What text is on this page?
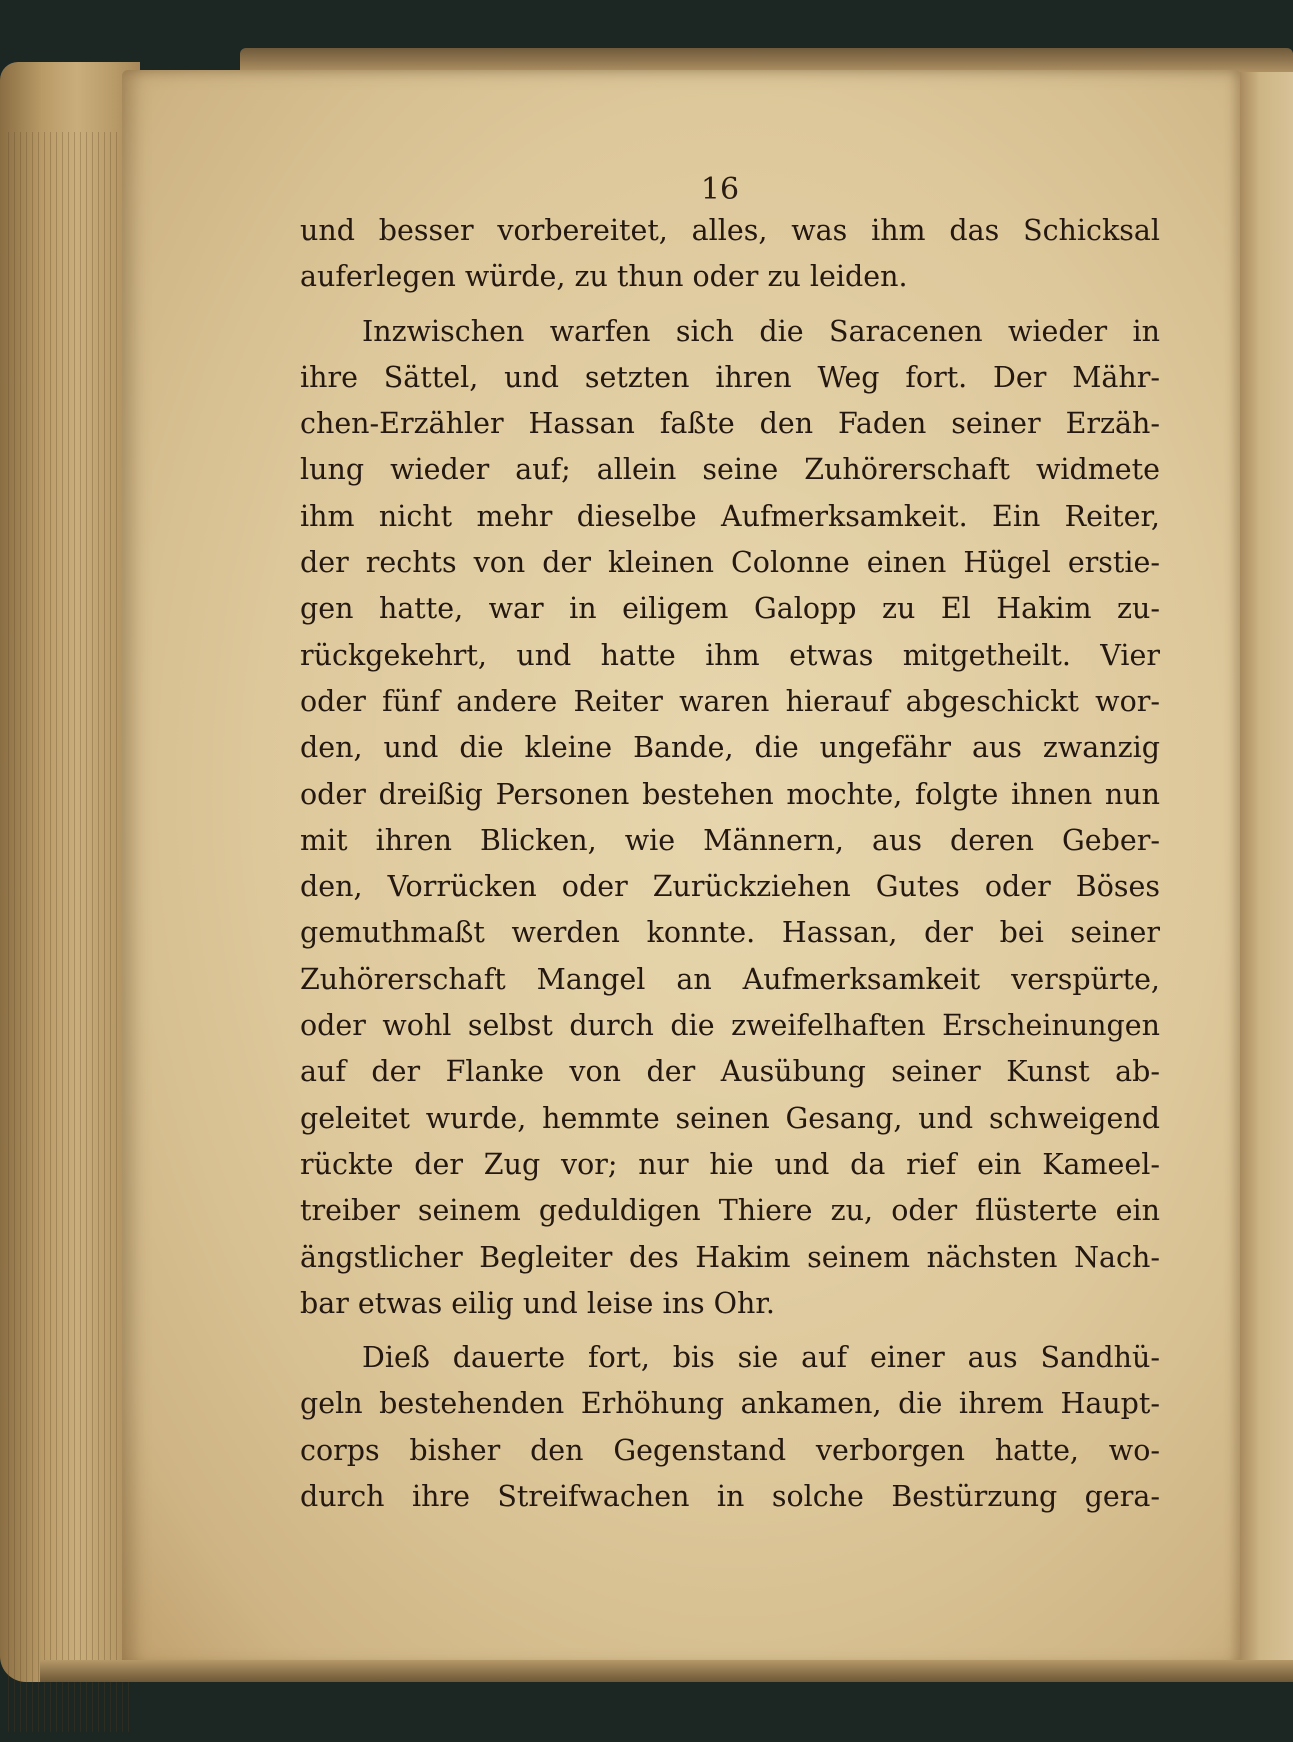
16
und besser vorbereitet, alles, was ihm das Schicksal
auferlegen würde, zu thun oder zu leiden.
Inzwischen warfen sich die Saracenen wieder in
ihre Sättel, und setzten ihren Weg fort. Der Mähr-
chen-Erzähler Hassan faßte den Faden seiner Erzäh-
lung wieder auf; allein seine Zuhörerschaft widmete
ihm nicht mehr dieselbe Aufmerksamkeit. Ein Reiter,
der rechts von der kleinen Colonne einen Hügel erstie-
gen hatte, war in eiligem Galopp zu El Hakim zu-
rückgekehrt, und hatte ihm etwas mitgetheilt. Vier
oder fünf andere Reiter waren hierauf abgeschickt wor-
den, und die kleine Bande, die ungefähr aus zwanzig
oder dreißig Personen bestehen mochte, folgte ihnen nun
mit ihren Blicken, wie Männern, aus deren Geber-
den, Vorrücken oder Zurückziehen Gutes oder Böses
gemuthmaßt werden konnte. Hassan, der bei seiner
Zuhörerschaft Mangel an Aufmerksamkeit verspürte,
oder wohl selbst durch die zweifelhaften Erscheinungen
auf der Flanke von der Ausübung seiner Kunst ab-
geleitet wurde, hemmte seinen Gesang, und schweigend
rückte der Zug vor; nur hie und da rief ein Kameel-
treiber seinem geduldigen Thiere zu, oder flüsterte ein
ängstlicher Begleiter des Hakim seinem nächsten Nach-
bar etwas eilig und leise ins Ohr.
Dieß dauerte fort, bis sie auf einer aus Sandhü-
geln bestehenden Erhöhung ankamen, die ihrem Haupt-
corps bisher den Gegenstand verborgen hatte, wo-
durch ihre Streifwachen in solche Bestürzung gera-
